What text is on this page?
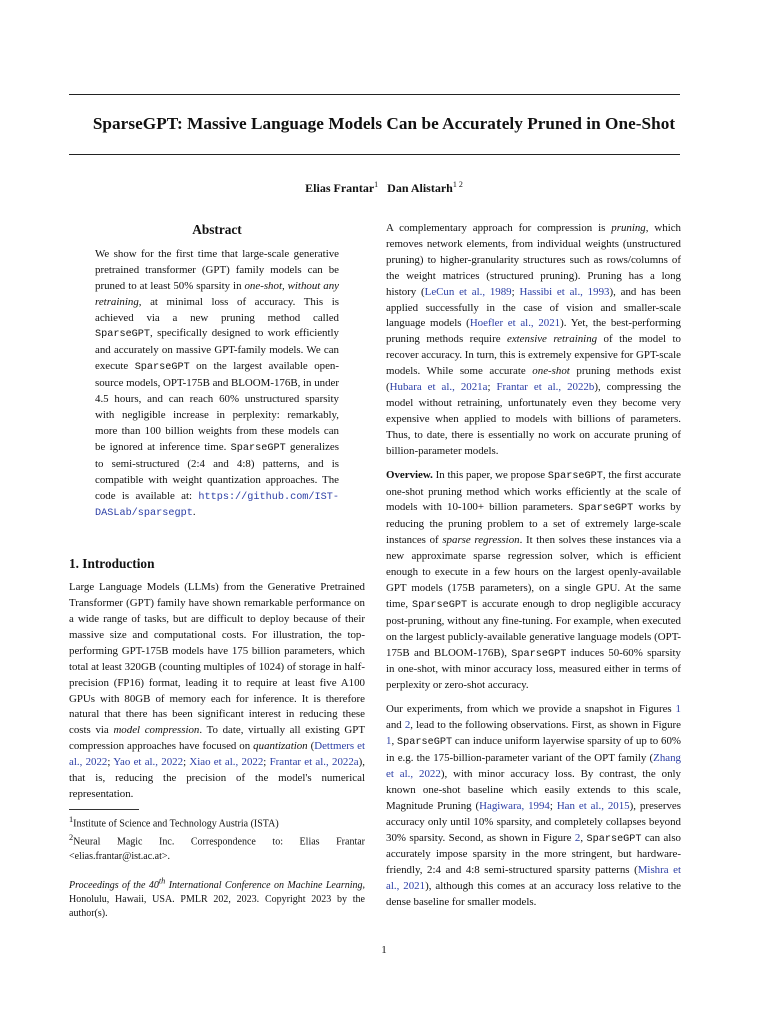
SparseGPT: Massive Language Models Can be Accurately Pruned in One-Shot
Elias Frantar$^1$ Dan Alistarh$^{1 2}$
Abstract

We show for the first time that large-scale generative pretrained transformer (GPT) family models can be pruned to at least 50% sparsity in one-shot, without any retraining, at minimal loss of accuracy. This is achieved via a new pruning method called SparseGPT, specifically designed to work efficiently and accurately on massive GPT-family models. We can execute SparseGPT on the largest available open-source models, OPT-175B and BLOOM-176B, in under 4.5 hours, and can reach 60% unstructured sparsity with negligible increase in perplexity: remarkably, more than 100 billion weights from these models can be ignored at inference time. SparseGPT generalizes to semi-structured (2:4 and 4:8) patterns, and is compatible with weight quantization approaches. The code is available at: https://github.com/IST-DASLab/sparsegpt.

1. Introduction

Large Language Models (LLMs) from the Generative Pretrained Transformer (GPT) family have shown remarkable performance on a wide range of tasks, but are difficult to deploy because of their massive size and computational costs. For illustration, the top-performing GPT-175B models have 175 billion parameters, which total at least 320GB (counting multiples of 1024) of storage in half-precision (FP16) format, leading it to require at least five A100 GPUs with 80GB of memory each for inference. It is therefore natural that there has been significant interest in reducing these costs via model compression. To date, virtually all existing GPT compression approaches have focused on quantization (Dettmers et al., 2022; Yao et al., 2022; Xiao et al., 2022; Frantar et al., 2022a), that is, reducing the precision of the model's numerical representation.

$^1$Institute of Science and Technology Austria (ISTA)
$^2$Neural Magic Inc. Correspondence to: Elias Frantar <elias.frantar@ist.ac.at>.
Proceedings of the 40th International Conference on Machine Learning, Honolulu, Hawaii, USA. PMLR 202, 2023. Copyright 2023 by the author(s).

A complementary approach for compression is pruning, which removes network elements, from individual weights (unstructured pruning) to higher-granularity structures such as rows/columns of the weight matrices (structured pruning). Pruning has a long history (LeCun et al., 1989; Hassibi et al., 1993), and has been applied successfully in the case of vision and smaller-scale language models (Hoefler et al., 2021). Yet, the best-performing pruning methods require extensive retraining of the model to recover accuracy. In turn, this is extremely expensive for GPT-scale models. While some accurate one-shot pruning methods exist (Hubara et al., 2021a; Frantar et al., 2022b), compressing the model without retraining, unfortunately even they become very expensive when applied to models with billions of parameters. Thus, to date, there is essentially no work on accurate pruning of billion-parameter models.

Overview. In this paper, we propose SparseGPT, the first accurate one-shot pruning method which works efficiently at the scale of models with 10-100+ billion parameters. SparseGPT works by reducing the pruning problem to a set of extremely large-scale instances of sparse regression. It then solves these instances via a new approximate sparse regression solver, which is efficient enough to execute in a few hours on the largest openly-available GPT models (175B parameters), on a single GPU. At the same time, SparseGPT is accurate enough to drop negligible accuracy post-pruning, without any fine-tuning. For example, when executed on the largest publicly-available generative language models (OPT-175B and BLOOM-176B), SparseGPT induces 50-60% sparsity in one-shot, with minor accuracy loss, measured either in terms of perplexity or zero-shot accuracy.

Our experiments, from which we provide a snapshot in Figures 1 and 2, lead to the following observations. First, as shown in Figure 1, SparseGPT can induce uniform layerwise sparsity of up to 60% in e.g. the 175-billion-parameter variant of the OPT family (Zhang et al., 2022), with minor accuracy loss. By contrast, the only known one-shot baseline which easily extends to this scale, Magnitude Pruning (Hagiwara, 1994; Han et al., 2015), preserves accuracy only until 10% sparsity, and completely collapses beyond 30% sparsity. Second, as shown in Figure 2, SparseGPT can also accurately impose sparsity in the more stringent, but hardware-friendly, 2:4 and 4:8 semi-structured sparsity patterns (Mishra et al., 2021), although this comes at an accuracy loss relative to the dense baseline for smaller models.

1
